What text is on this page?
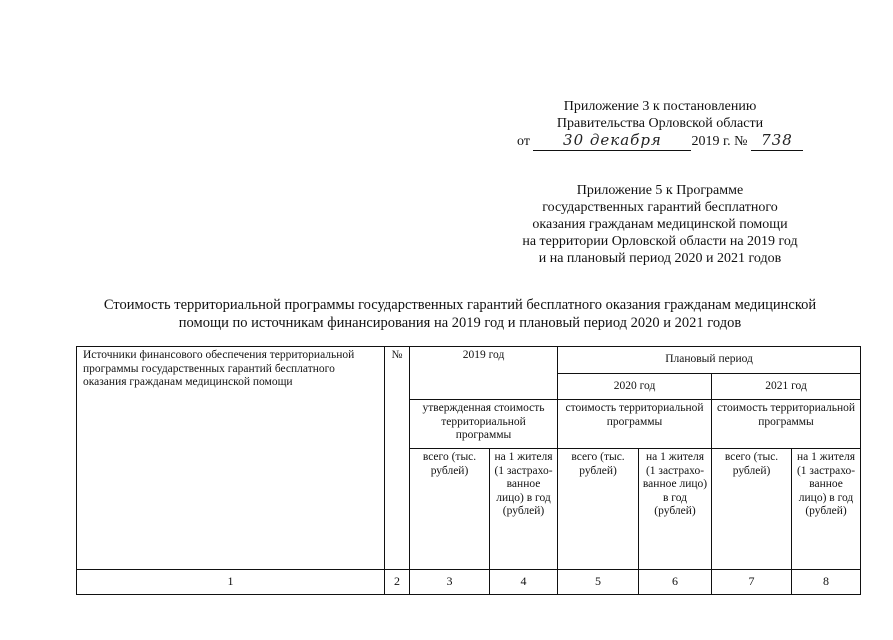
Приложение 3 к постановлению
Правительства Орловской области
от 30 декабря 2019 г. № 738
Приложение 5 к Программе
государственных гарантий бесплатного
оказания гражданам медицинской помощи
на территории Орловской области на 2019 год
и на плановый период 2020 и 2021 годов
Стоимость территориальной программы государственных гарантий бесплатного оказания гражданам медицинской
помощи по источникам финансирования на 2019 год и плановый период 2020 и 2021 годов
Источники финансового обеспечения территориальной программы государственных гарантий бесплатного оказания гражданам медицинской помощи	№	2019 год		Плановый период			
				2020 год		2021 год	
		утвержденная стоимость территориальной программы		стоимость территориальной программы		стоимость территориальной программы	
		всего (тыс. рублей)	на 1 жителя (1 застрахо-ванное лицо) в год (рублей)	всего (тыс. рублей)	на 1 жителя (1 застрахо-ванное лицо) в год (рублей)	всего (тыс. рублей)	на 1 жителя (1 застрахо-ванное лицо) в год (рублей)
1	2	3	4	5	6	7	8
